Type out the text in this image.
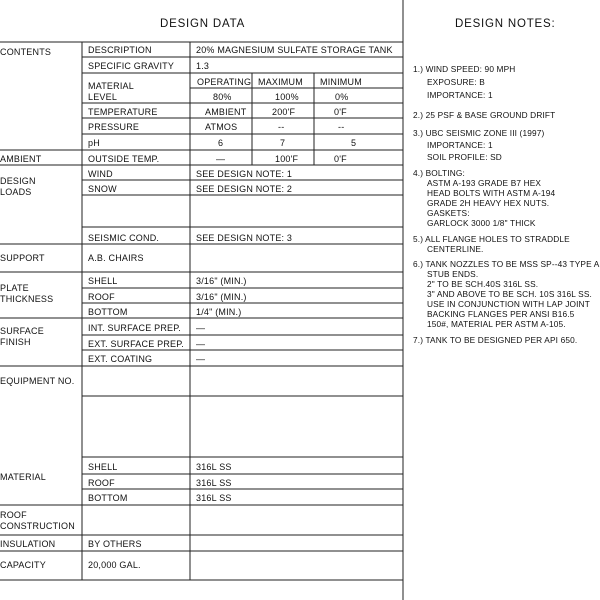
DESIGN DATA	DESIGN NOTES:
CONTENTS	DESCRIPTION	20% MAGNESIUM SULFATE STORAGE TANK
SPECIFIC GRAVITY 1.3
MATERIAL
LEVEL
OPERATING MAXIMUM MINIMUM
80%	100%	0%
TEMPERATURE	AMBIENT	200'F	0'F
PRESSURE	ATMOS	--	--
pH	6	7	5
AMBIENT	OUTSIDE TEMP.	—	100'F	0'F
DESIGN
LOADS
WIND	SEE DESIGN NOTE: 1
SNOW	SEE DESIGN NOTE: 2
SEISMIC COND.	SEE DESIGN NOTE: 3
SUPPORT	A.B. CHAIRS
PLATE
THICKNESS
SHELL	3/16" (MIN.)
ROOF	3/16" (MIN.)
BOTTOM	1/4" (MIN.)
SURFACE
FINISH
INT. SURFACE PREP. —
EXT. SURFACE PREP. —
EXT. COATING	—
EQUIPMENT NO.
MATERIAL
SHELL	316L SS
ROOF	316L SS
BOTTOM	316L SS
ROOF
CONSTRUCTION
INSULATION	BY OTHERS
CAPACITY	20,000 GAL.
1.) WIND SPEED: 90 MPH
EXPOSURE: B
IMPORTANCE: 1
2.) 25 PSF & BASE GROUND DRIFT
3.) UBC SEISMIC ZONE III (1997)
IMPORTANCE: 1
SOIL PROFILE: SD
4.) BOLTING:
ASTM A-193 GRADE B7 HEX
HEAD BOLTS WITH ASTM A-194
GRADE 2H HEAVY HEX NUTS.
GASKETS:
GARLOCK 3000 1/8" THICK
5.) ALL FLANGE HOLES TO STRADDLE
CENTERLINE.
6.) TANK NOZZLES TO BE MSS SP--43 TYPE A
STUB ENDS.
2" TO BE SCH.40S 316L SS.
3" AND ABOVE TO BE SCH. 10S 316L SS.
USE IN CONJUNCTION WITH LAP JOINT
BACKING FLANGES PER ANSI B16.5
150#, MATERIAL PER ASTM A-105.
7.) TANK TO BE DESIGNED PER API 650.
